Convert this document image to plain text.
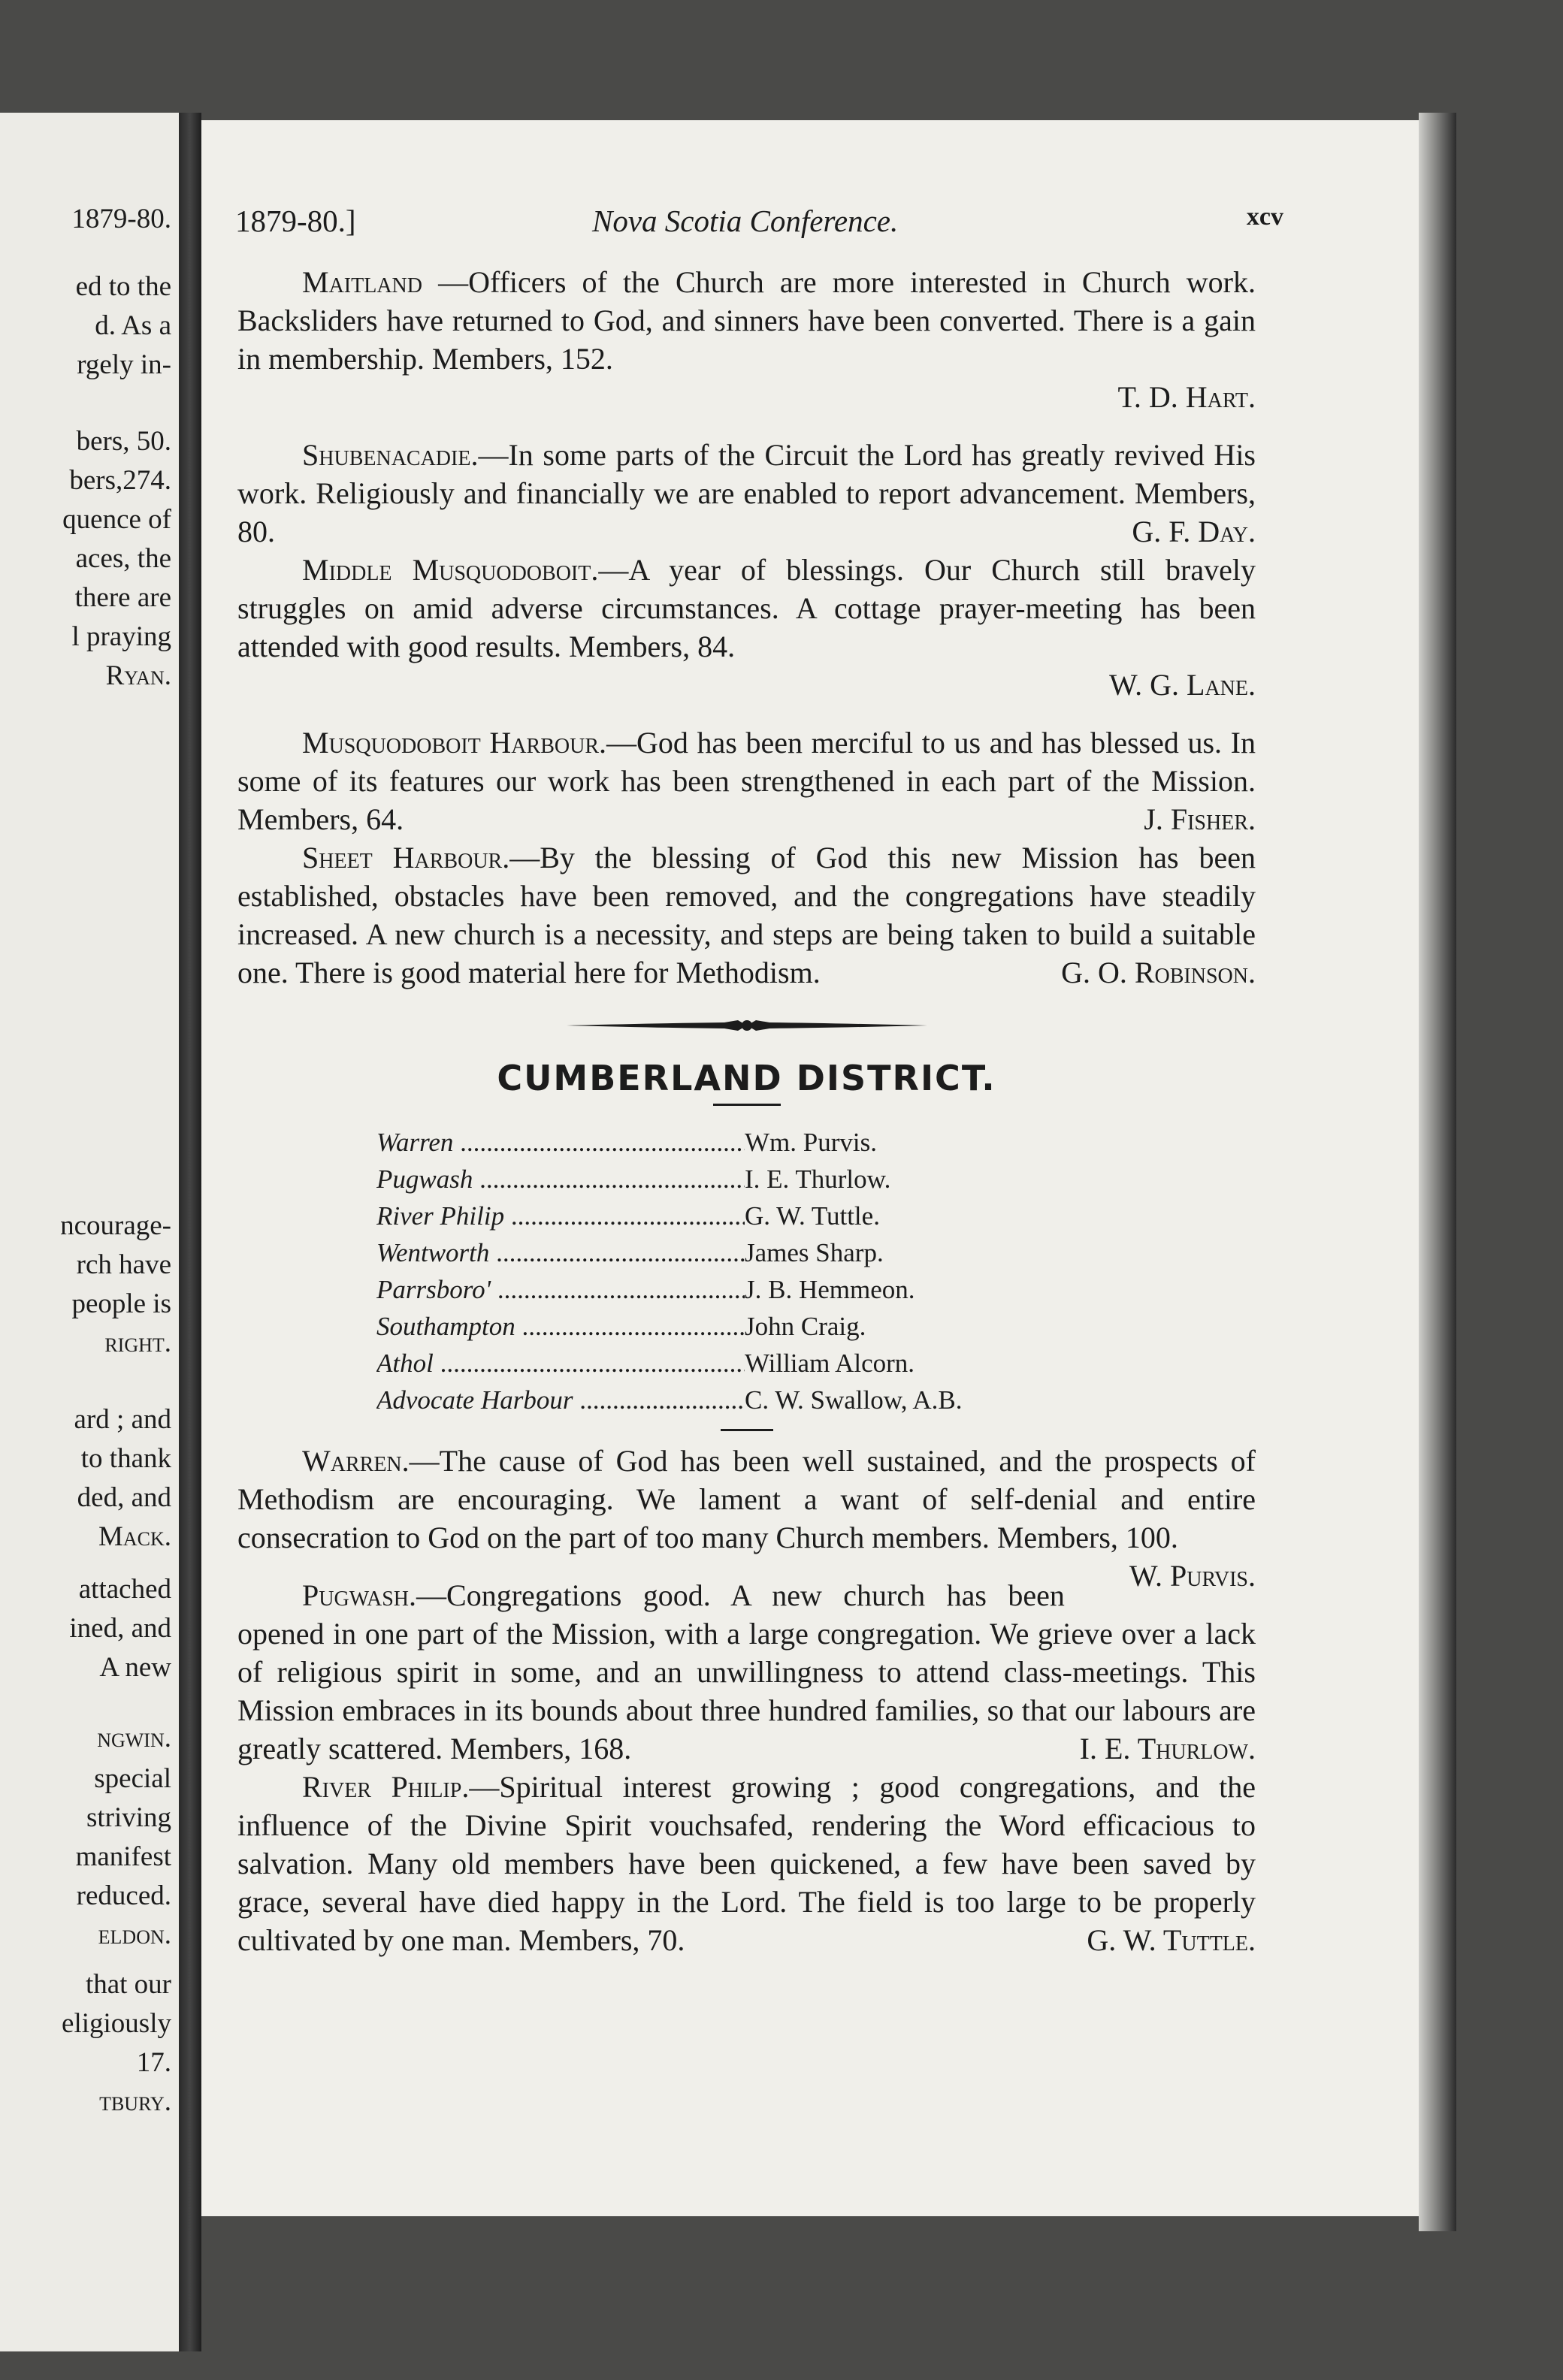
1879-80.
ed to the
d. As a
rgely in-
bers, 50.
bers,274.
quence of
aces, the
there are
l praying
Ryan.
ncourage-
rch have
people is
right.
ard ; and
to thank
ded, and
Mack.
attached
ined, and
A new
ngwin.
special
striving
manifest
reduced.
eldon.
that our
eligiously
17.
tbury.
1879-80.]	Nova Scotia Conference.	xcv

Maitland —Officers of the Church are more interested in Church work. Backsliders have returned to God, and sinners have been converted. There is a gain in membership. Members, 152.
T. D. Hart.

Shubenacadie.—In some parts of the Circuit the Lord has greatly revived His work. Religiously and financially we are enabled to report advancement. Members, 80.	G. F. Day.

Middle Musquodoboit.—A year of blessings. Our Church still bravely struggles on amid adverse circumstances. A cottage prayer-meeting has been attended with good results. Members, 84.
W. G. Lane.

Musquodoboit Harbour.—God has been merciful to us and has blessed us. In some of its features our work has been strengthened in each part of the Mission. Members, 64.	J. Fisher.

Sheet Harbour.—By the blessing of God this new Mission has been established, obstacles have been removed, and the congregations have steadily increased. A new church is a necessity, and steps are being taken to build a suitable one. There is good material here for Methodism.	G. O. Robinson.

CUMBERLAND DISTRICT.

Warren .....	Wm. Purvis.
Pugwash .....	I. E. Thurlow.
River Philip .....	G. W. Tuttle.
Wentworth .....	James Sharp.
Parrsboro' .....	J. B. Hemmeon.
Southampton .....	John Craig.
Athol .....	William Alcorn.
Advocate Harbour .....	C. W. Swallow, A.B.

Warren.—The cause of God has been well sustained, and the prospects of Methodism are encouraging. We lament a want of self-denial and entire consecration to God on the part of too many Church members. Members, 100.
W. Purvis.

Pugwash.—Congregations good. A new church has been opened in one part of the Mission, with a large congregation. We grieve over a lack of religious spirit in some, and an unwillingness to attend class-meetings. This Mission embraces in its bounds about three hundred families, so that our labours are greatly scattered. Members, 168.	I. E. Thurlow.

River Philip.—Spiritual interest growing ; good congregations, and the influence of the Divine Spirit vouchsafed, rendering the Word efficacious to salvation. Many old members have been quickened, a few have been saved by grace, several have died happy in the Lord. The field is too large to be properly cultivated by one man. Members, 70.	G. W. Tuttle.
